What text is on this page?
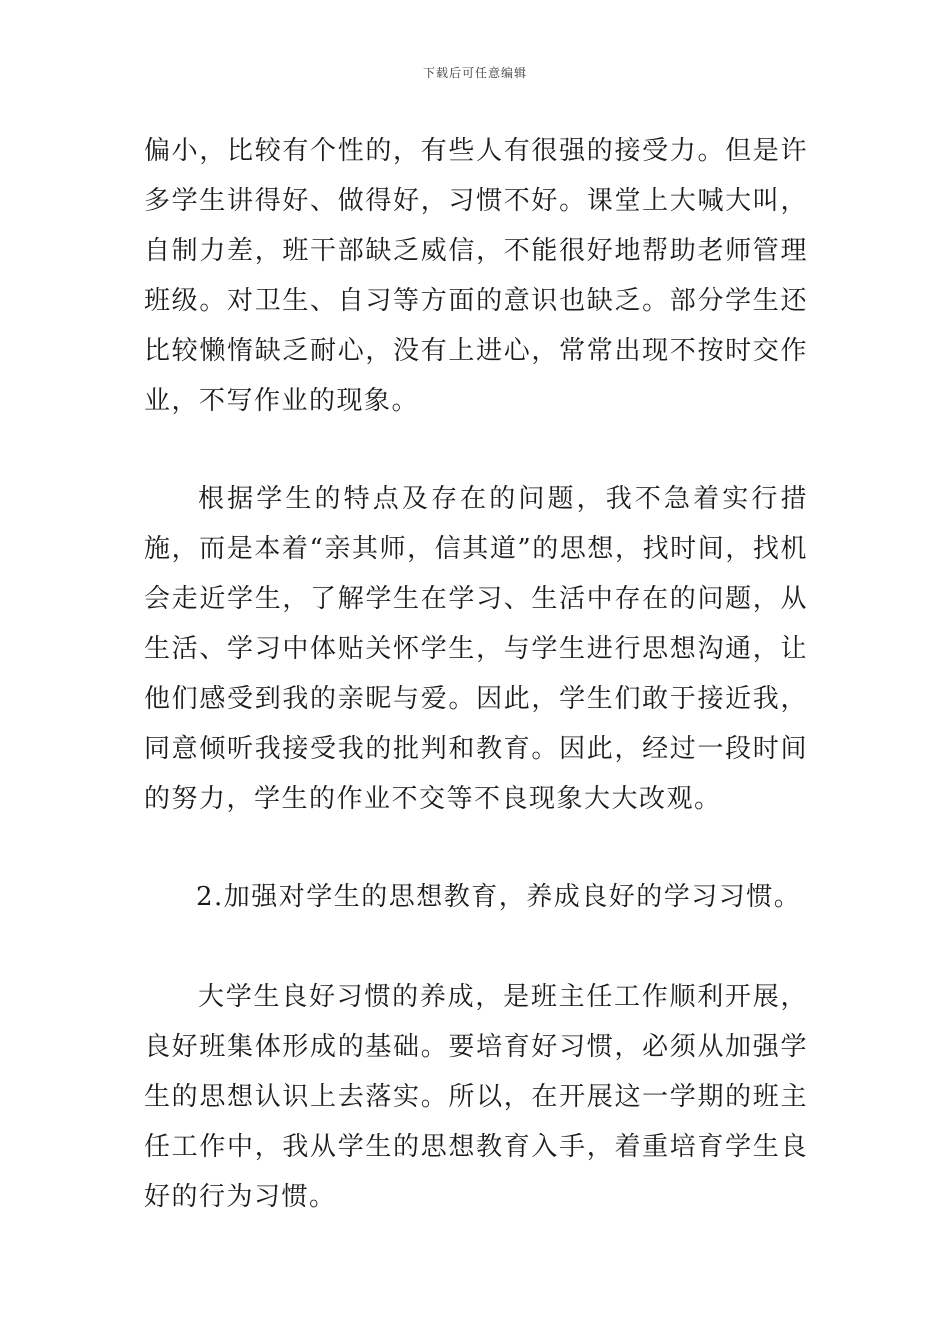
下载后可任意编辑

偏小，比较有个性的，有些人有很强的接受力。但是许多学生讲得好、做得好，习惯不好。课堂上大喊大叫，自制力差，班干部缺乏威信，不能很好地帮助老师管理班级。对卫生、自习等方面的意识也缺乏。部分学生还比较懒惰缺乏耐心，没有上进心，常常出现不按时交作业，不写作业的现象。

根据学生的特点及存在的问题，我不急着实行措施，而是本着“亲其师，信其道”的思想，找时间，找机会走近学生，了解学生在学习、生活中存在的问题，从生活、学习中体贴关怀学生，与学生进行思想沟通，让他们感受到我的亲昵与爱。因此，学生们敢于接近我，同意倾听我接受我的批判和教育。因此，经过一段时间的努力，学生的作业不交等不良现象大大改观。

2.加强对学生的思想教育，养成良好的学习习惯。

大学生良好习惯的养成，是班主任工作顺利开展，良好班集体形成的基础。要培育好习惯，必须从加强学生的思想认识上去落实。所以，在开展这一学期的班主任工作中，我从学生的思想教育入手，着重培育学生良好的行为习惯。
